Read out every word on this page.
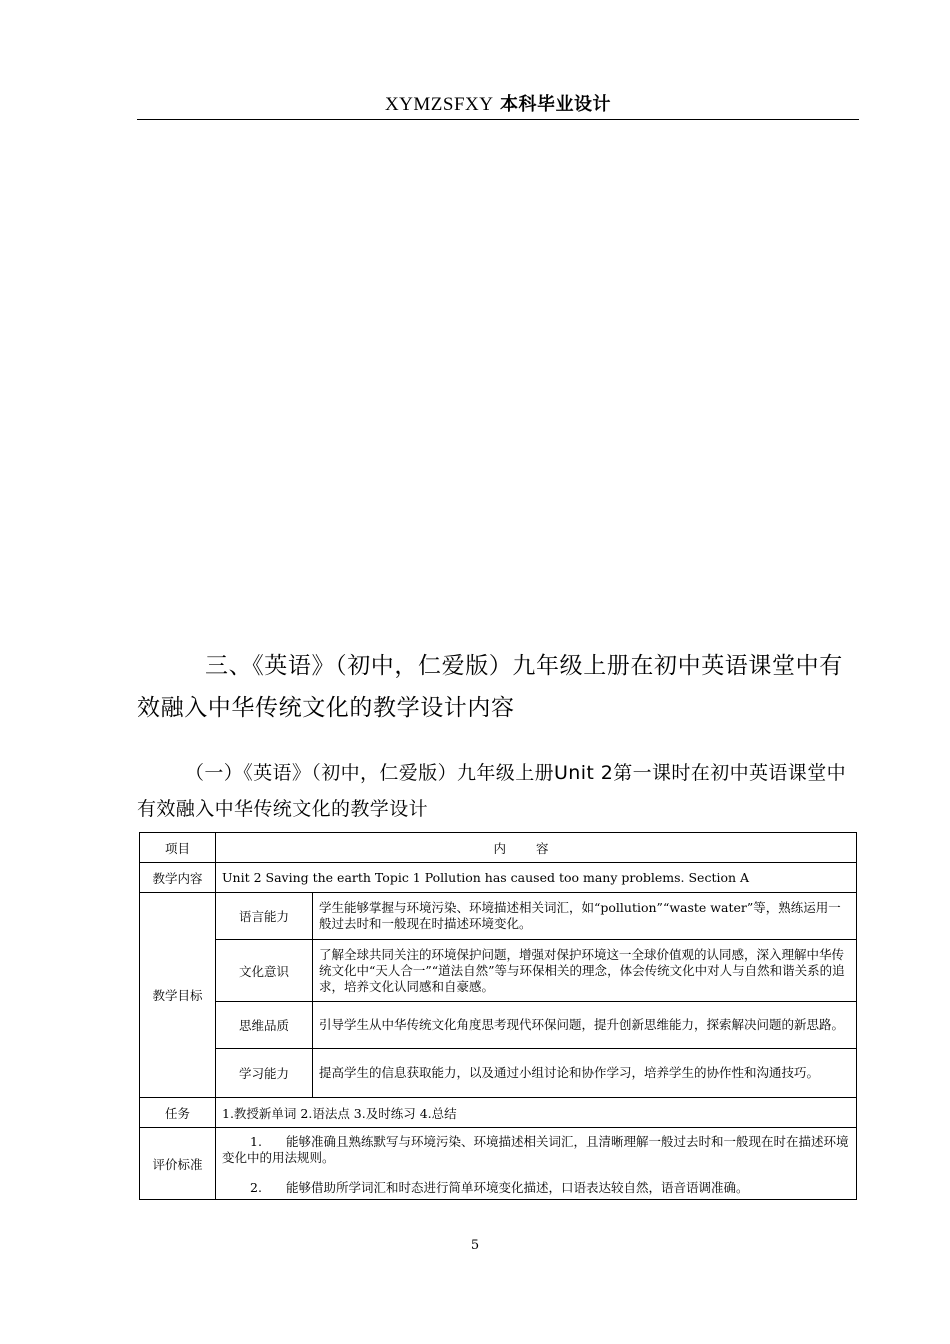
XYMZSFXY 本科毕业设计
三、《英语》（初中，仁爱版）九年级上册在初中英语课堂中有效融入中华传统文化的教学设计内容
（一）《英语》（初中，仁爱版）九年级上册Unit 2第一课时在初中英语课堂中有效融入中华传统文化的教学设计
项目	内容	
教学内容	Unit 2 Saving the earth Topic 1 Pollution has caused too many problems. Section A	
教学目标	语言能力	学生能够掌握与环境污染、环境描述相关词汇，如“pollution”“waste water”等，熟练运用一般过去时和一般现在时描述环境变化。
	文化意识	了解全球共同关注的环境保护问题，增强对保护环境这一全球价值观的认同感，深入理解中华传统文化中“天人合一”“道法自然”等与环保相关的理念，体会传统文化中对人与自然和谐关系的追求，培养文化认同感和自豪感。
	思维品质	引导学生从中华传统文化角度思考现代环保问题，提升创新思维能力，探索解决问题的新思路。
	学习能力	提高学生的信息获取能力，以及通过小组讨论和协作学习，培养学生的协作性和沟通技巧。
任务	1.教授新单词 2.语法点 3.及时练习 4.总结	
评价标准	1. 能够准确且熟练默写与环境污染、环境描述相关词汇，且清晰理解一般过去时和一般现在时在描述环境变化中的用法规则。
2. 能够借助所学词汇和时态进行简单环境变化描述，口语表达较自然，语音语调准确。	
5
